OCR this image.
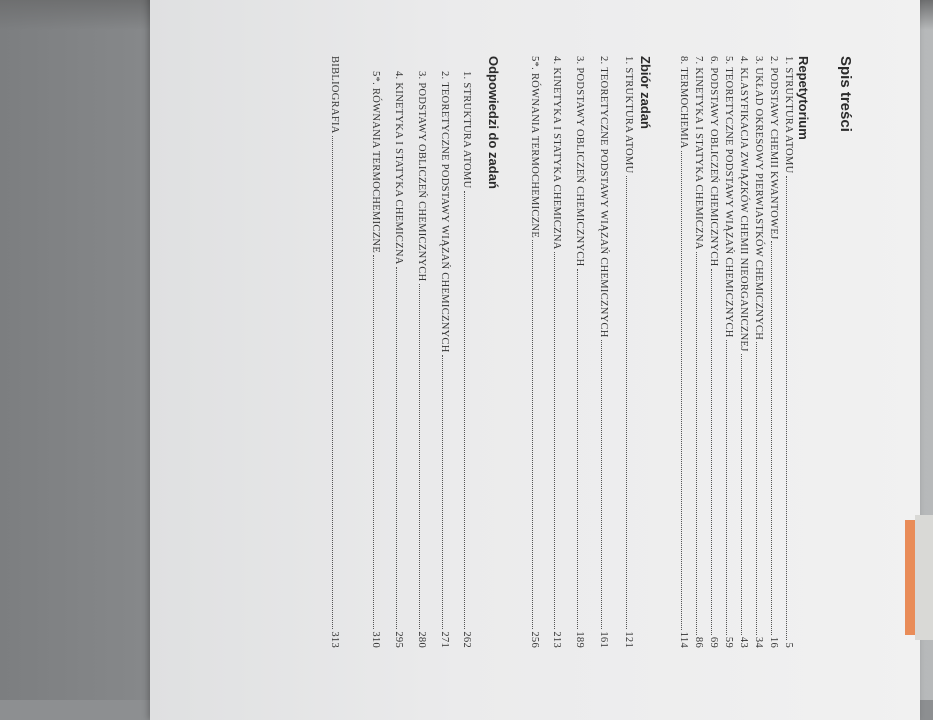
Spis treści
Repetytorium
1. STRUKTURA ATOMU
5
2. PODSTAWY CHEMII KWANTOWEJ
16
3. UKŁAD OKRESOWY PIERWIASTKÓW CHEMICZNYCH
34
4. KLASYFIKACJA ZWIĄZKÓW CHEMII NIEORGANICZNEJ
43
5. TEORETYCZNE PODSTAWY WIĄZAŃ CHEMICZNYCH
59
6. PODSTAWY OBLICZEŃ CHEMICZNYCH
69
7. KINETYKA I STATYKA CHEMICZNA
86
8. TERMOCHEMIA
114
Zbiór zadań
1. STRUKTURA ATOMU
121
2. TEORETYCZNE PODSTAWY WIĄZAŃ CHEMICZNYCH
161
3. PODSTAWY OBLICZEŃ CHEMICZNYCH
189
4. KINETYKA I STATYKA CHEMICZNA
213
5*. RÓWNANIA TERMOCHEMICZNE
256
Odpowiedzi do zadań
1. STRUKTURA ATOMU
262
2. TEORETYCZNE PODSTAWY WIĄZAŃ CHEMICZNYCH
271
3. PODSTAWY OBLICZEŃ CHEMICZNYCH
280
4. KINETYKA I STATYKA CHEMICZNA
295
5*. RÓWNANIA TERMOCHEMICZNE
310
BIBLIOGRAFIA
313
